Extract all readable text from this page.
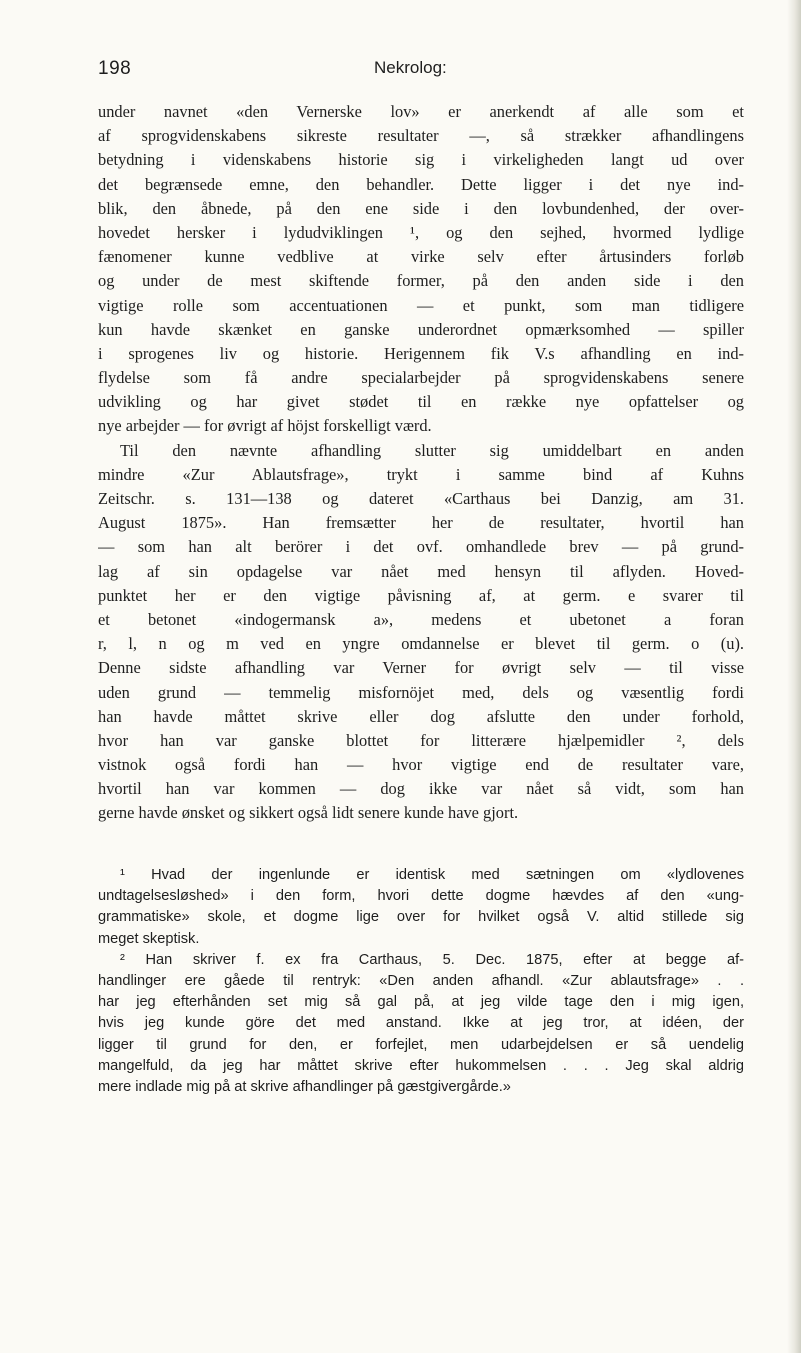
198	Nekrolog:
under navnet «den Vernerske lov» er anerkendt af alle som et
af sprogvidenskabens sikreste resultater —, så strækker afhandlingens
betydning i videnskabens historie sig i virkeligheden langt ud over
det begrænsede emne, den behandler. Dette ligger i det nye ind-
blik, den åbnede, på den ene side i den lovbundenhed, der over-
hovedet hersker i lydudviklingen ¹, og den sejhed, hvormed lydlige
fænomener kunne vedblive at virke selv efter årtusinders forløb
og under de mest skiftende former, på den anden side i den
vigtige rolle som accentuationen — et punkt, som man tidligere
kun havde skænket en ganske underordnet opmærksomhed — spiller
i sprogenes liv og historie. Herigennem fik V.s afhandling en ind-
flydelse som få andre specialarbejder på sprogvidenskabens senere
udvikling og har givet stødet til en række nye opfattelser og
nye arbejder — for øvrigt af höjst forskelligt værd.
Til den nævnte afhandling slutter sig umiddelbart en anden
mindre «Zur Ablautsfrage», trykt i samme bind af Kuhns
Zeitschr. s. 131—138 og dateret «Carthaus bei Danzig, am 31.
August 1875». Han fremsætter her de resultater, hvortil han
— som han alt berörer i det ovf. omhandlede brev — på grund-
lag af sin opdagelse var nået med hensyn til aflyden. Hoved-
punktet her er den vigtige påvisning af, at germ. e svarer til
et betonet «indogermansk a», medens et ubetonet a foran
r, l, n og m ved en yngre omdannelse er blevet til germ. o (u).
Denne sidste afhandling var Verner for øvrigt selv — til visse
uden grund — temmelig misfornöjet med, dels og væsentlig fordi
han havde måttet skrive eller dog afslutte den under forhold,
hvor han var ganske blottet for litterære hjælpemidler ², dels
vistnok også fordi han — hvor vigtige end de resultater vare,
hvortil han var kommen — dog ikke var nået så vidt, som han
gerne havde ønsket og sikkert også lidt senere kunde have gjort.
¹ Hvad der ingenlunde er identisk med sætningen om «lydlovenes
undtagelsesløshed» i den form, hvori dette dogme hævdes af den «ung-
grammatiske» skole, et dogme lige over for hvilket også V. altid stillede sig
meget skeptisk.
² Han skriver f. ex fra Carthaus, 5. Dec. 1875, efter at begge af-
handlinger ere gåede til rentryk: «Den anden afhandl. «Zur ablautsfrage» . .
har jeg efterhånden set mig så gal på, at jeg vilde tage den i mig igen,
hvis jeg kunde göre det med anstand. Ikke at jeg tror, at idéen, der
ligger til grund for den, er forfejlet, men udarbejdelsen er så uendelig
mangelfuld, da jeg har måttet skrive efter hukommelsen . . . Jeg skal aldrig
mere indlade mig på at skrive afhandlinger på gæstgivergårde.»
